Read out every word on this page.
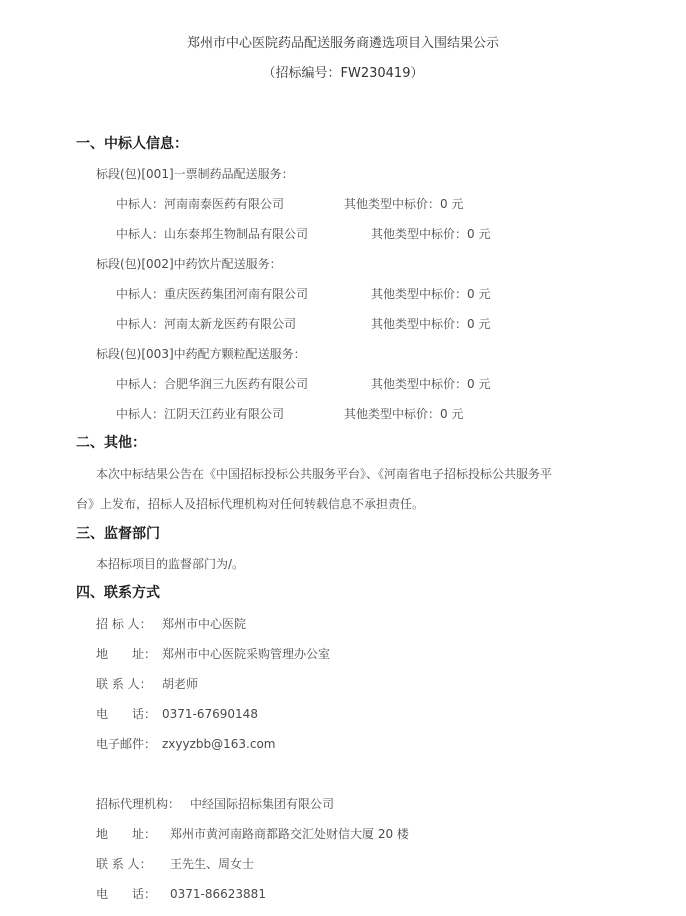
郑州市中心医院药品配送服务商遴选项目入围结果公示
（招标编号：FW230419）
一、中标人信息：
标段(包)[001]一票制药品配送服务：
中标人：河南南泰医药有限公司	其他类型中标价：0 元
中标人：山东泰邦生物制品有限公司	其他类型中标价：0 元
标段(包)[002]中药饮片配送服务：
中标人：重庆医药集团河南有限公司	其他类型中标价：0 元
中标人：河南太新龙医药有限公司	其他类型中标价：0 元
标段(包)[003]中药配方颗粒配送服务：
中标人：合肥华润三九医药有限公司	其他类型中标价：0 元
中标人：江阴天江药业有限公司	其他类型中标价：0 元
二、其他：
本次中标结果公告在《中国招标投标公共服务平台》、《河南省电子招标投标公共服务平
台》上发布，招标人及招标代理机构对任何转载信息不承担责任。
三、监督部门
本招标项目的监督部门为/。
四、联系方式
招 标 人： 郑州市中心医院
地　　址： 郑州市中心医院采购管理办公室
联 系 人： 胡老师
电　　话： 0371-67690148
电子邮件： zxyyzbb@163.com
招标代理机构： 中经国际招标集团有限公司
地　　址： 郑州市黄河南路商都路交汇处财信大厦 20 楼
联 系 人： 王先生、周女士
电　　话： 0371-86623881
